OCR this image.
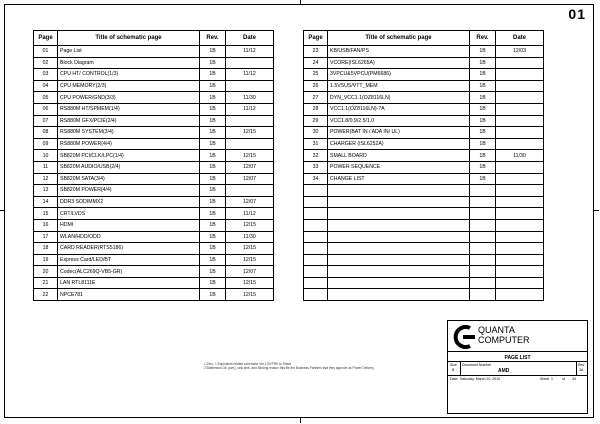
01
Page	Title of schematic page	Rev.	Date
01	Page List	1B	11/12
02	Block Diagram	1B	
03	CPU HT/ CONTROL(1/3)	1B	11/12
04	CPU MEMORY(2/3)	1B	
05	CPU POWER/GND(3/3)	1B	11/30
06	RS880M HT/SPMEM(1/4)	1B	11/12
07	RS880M GFX/PCIE(2/4)	1B	
08	RS880M SYSTEM(3/4)	1B	12/15
09	RS880M POWER(4/4)	1B	
10	SB820M PCI/CLK/LPC(1/4)	1B	12/15
11	SB820M AUDIO/USB(2/4)	1B	12/07
12	SB820M SATA(3/4)	1B	12/07
13	SB820M POWER(4/4)	1B	
14	DDR3 SODIMMX2	1B	12/07
15	CRT/LVDS	1B	11/12
16	HDMI	1B	12/15
17	WLAN/HDD/ODD	1B	11/30
18	CARD READER(RTS5186)	1B	12/15
19	Express Card/LED/BT	1B	12/15
20	Codec(ALC269Q-VB5-GR)	1B	12/07
21	LAN RTL8111E	1B	12/15
22	NPCE781	1B	12/15
Page	Title of schematic page	Rev.	Date
23	KB/USB/FAN/PS	1B	12/03
24	VCORE(ISL6265A)	1B	
25	3VPCU&5VPCU(PM6686)	1B	
26	1.5VSUS/VTT_MEM	1B	
27	DYN_VCC1.1(OZ8116LN)	1B	
28	VCC1.1(OZ8116LN)-7A	1B	
29	VCC1.8/0.9/2.5/1.0	1B	
30	POWER(BAT IN / ADA IN/ UL)	1B	
31	CHARGER (ISL6252A)	1B	
32	SMALL BOARD	1B	11/30
33	POWER SEQUENCE	1B	
34	CHANGE LIST	1B	

1.Zero, 1 Equivalent related schematic Ver.1 BYPRE to Sheet
2.Bottleneck Ok, pwr(), sink limb, and Binding reason this file the Business Partners that they approve as Power Delivery.
QUANTA
COMPUTER
PAGE LIST
Size
B
Document Number
AMD
Rev
3A
Date: Saturday, March 20, 2010	Sheet 1	of 34
